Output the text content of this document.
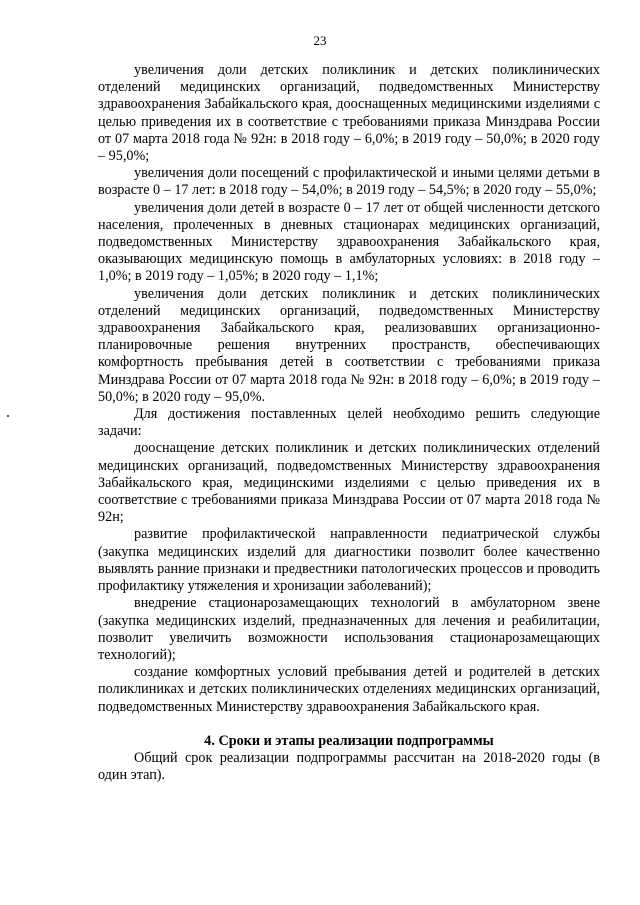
23

увеличения доли детских поликлиник и детских поликлинических отделений медицинских организаций, подведомственных Министерству здравоохранения Забайкальского края, дооснащенных медицинскими изделиями с целью приведения их в соответствие с требованиями приказа Минздрава России от 07 марта 2018 года № 92н: в 2018 году – 6,0%; в 2019 году – 50,0%; в 2020 году – 95,0%;

увеличения доли посещений с профилактической и иными целями детьми в возрасте 0 – 17 лет: в 2018 году – 54,0%; в 2019 году – 54,5%; в 2020 году – 55,0%;

увеличения доли детей в возрасте 0 – 17 лет от общей численности детского населения, пролеченных в дневных стационарах медицинских организаций, подведомственных Министерству здравоохранения Забайкальского края, оказывающих медицинскую помощь в амбулаторных условиях: в 2018 году – 1,0%; в 2019 году – 1,05%; в 2020 году – 1,1%;

увеличения доли детских поликлиник и детских поликлинических отделений медицинских организаций, подведомственных Министерству здравоохранения Забайкальского края, реализовавших организационно-планировочные решения внутренних пространств, обеспечивающих комфортность пребывания детей в соответствии с требованиями приказа Минздрава России от 07 марта 2018 года № 92н: в 2018 году – 6,0%; в 2019 году – 50,0%; в 2020 году – 95,0%.

Для достижения поставленных целей необходимо решить следующие задачи:

дооснащение детских поликлиник и детских поликлинических отделений медицинских организаций, подведомственных Министерству здравоохранения Забайкальского края, медицинскими изделиями с целью приведения их в соответствие с требованиями приказа Минздрава России от 07 марта 2018 года № 92н;

развитие профилактической направленности педиатрической службы (закупка медицинских изделий для диагностики позволит более качественно выявлять ранние признаки и предвестники патологических процессов и проводить профилактику утяжеления и хронизации заболеваний);

внедрение стационарозамещающих технологий в амбулаторном звене (закупка медицинских изделий, предназначенных для лечения и реабилитации, позволит увеличить возможности использования стационарозамещающих технологий);

создание комфортных условий пребывания детей и родителей в детских поликлиниках и детских поликлинических отделениях медицинских организаций, подведомственных Министерству здравоохранения Забайкальского края.

4. Сроки и этапы реализации подпрограммы

Общий срок реализации подпрограммы рассчитан на 2018-2020 годы (в один этап).
